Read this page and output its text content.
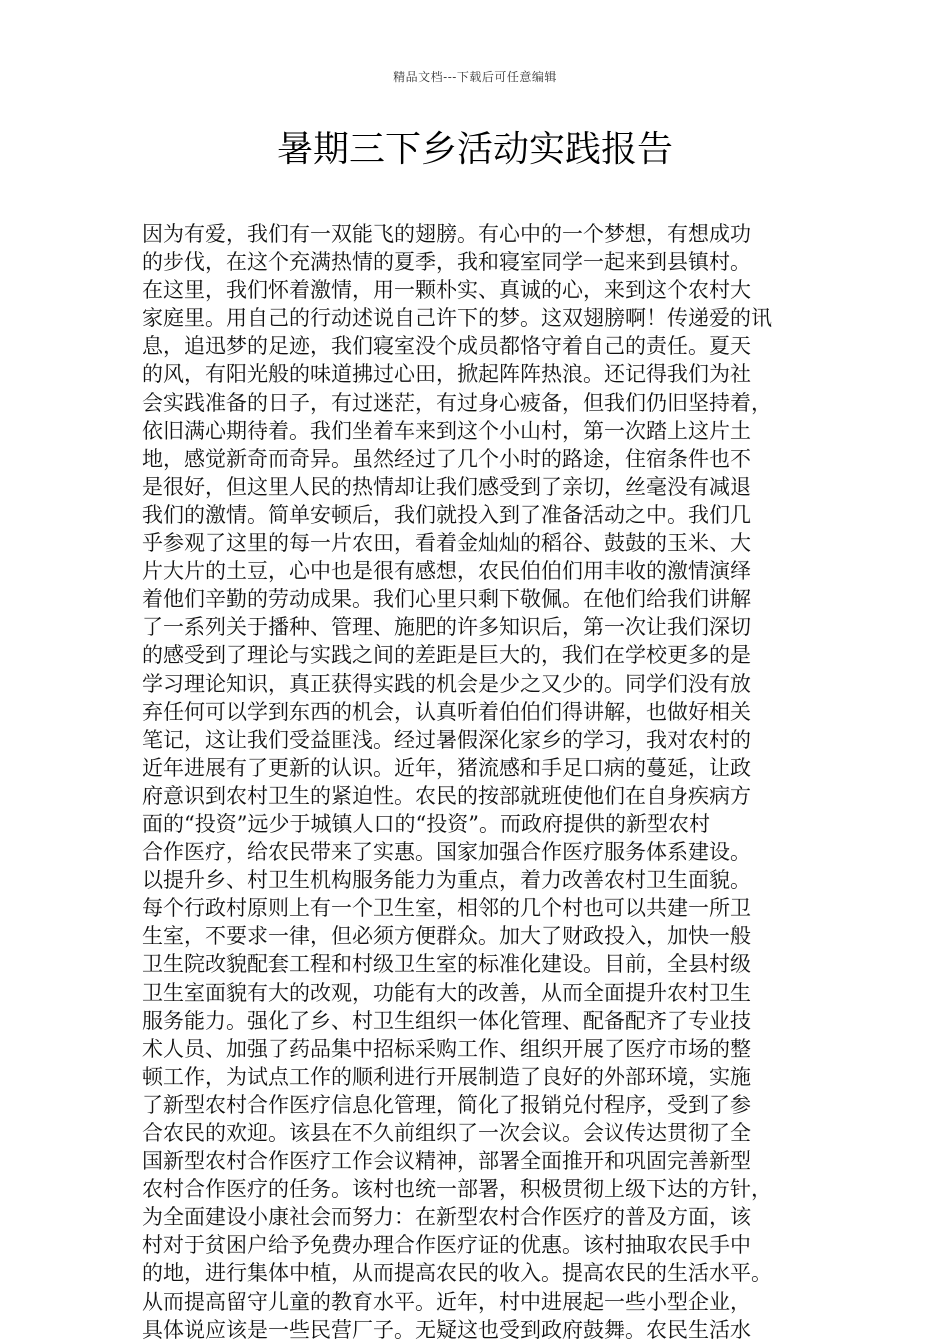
精品文档---下载后可任意编辑
暑期三下乡活动实践报告
因为有爱，我们有一双能飞的翅膀。有心中的一个梦想，有想成功
的步伐，在这个充满热情的夏季，我和寝室同学一起来到县镇村。
在这里，我们怀着激情，用一颗朴实、真诚的心，来到这个农村大
家庭里。用自己的行动述说自己许下的梦。这双翅膀啊！传递爱的讯
息，追迅梦的足迹，我们寝室没个成员都恪守着自己的责任。夏天
的风，有阳光般的味道拂过心田，掀起阵阵热浪。还记得我们为社
会实践准备的日子，有过迷茫，有过身心疲备，但我们仍旧坚持着，
依旧满心期待着。我们坐着车来到这个小山村，第一次踏上这片土
地，感觉新奇而奇异。虽然经过了几个小时的路途，住宿条件也不
是很好，但这里人民的热情却让我们感受到了亲切，丝毫没有减退
我们的激情。简单安顿后，我们就投入到了准备活动之中。我们几
乎参观了这里的每一片农田，看着金灿灿的稻谷、鼓鼓的玉米、大
片大片的土豆，心中也是很有感想，农民伯伯们用丰收的激情演绎
着他们辛勤的劳动成果。我们心里只剩下敬佩。在他们给我们讲解
了一系列关于播种、管理、施肥的许多知识后，第一次让我们深切
的感受到了理论与实践之间的差距是巨大的，我们在学校更多的是
学习理论知识，真正获得实践的机会是少之又少的。同学们没有放
弃任何可以学到东西的机会，认真听着伯伯们得讲解，也做好相关
笔记，这让我们受益匪浅。经过暑假深化家乡的学习，我对农村的
近年进展有了更新的认识。近年，猪流感和手足口病的蔓延，让政
府意识到农村卫生的紧迫性。农民的按部就班使他们在自身疾病方
面的“投资”远少于城镇人口的“投资”。而政府提供的新型农村
合作医疗，给农民带来了实惠。国家加强合作医疗服务体系建设。
以提升乡、村卫生机构服务能力为重点，着力改善农村卫生面貌。
每个行政村原则上有一个卫生室，相邻的几个村也可以共建一所卫
生室，不要求一律，但必须方便群众。加大了财政投入，加快一般
卫生院改貌配套工程和村级卫生室的标准化建设。目前，全县村级
卫生室面貌有大的改观，功能有大的改善，从而全面提升农村卫生
服务能力。强化了乡、村卫生组织一体化管理、配备配齐了专业技
术人员、加强了药品集中招标采购工作、组织开展了医疗市场的整
顿工作，为试点工作的顺利进行开展制造了良好的外部环境，实施
了新型农村合作医疗信息化管理，简化了报销兑付程序，受到了参
合农民的欢迎。该县在不久前组织了一次会议。会议传达贯彻了全
国新型农村合作医疗工作会议精神，部署全面推开和巩固完善新型
农村合作医疗的任务。该村也统一部署，积极贯彻上级下达的方针，
为全面建设小康社会而努力：在新型农村合作医疗的普及方面，该
村对于贫困户给予免费办理合作医疗证的优惠。该村抽取农民手中
的地，进行集体中植，从而提高农民的收入。提高农民的生活水平。
从而提高留守儿童的教育水平。近年，村中进展起一些小型企业，
具体说应该是一些民营厂子。无疑这也受到政府鼓舞。农民生活水
